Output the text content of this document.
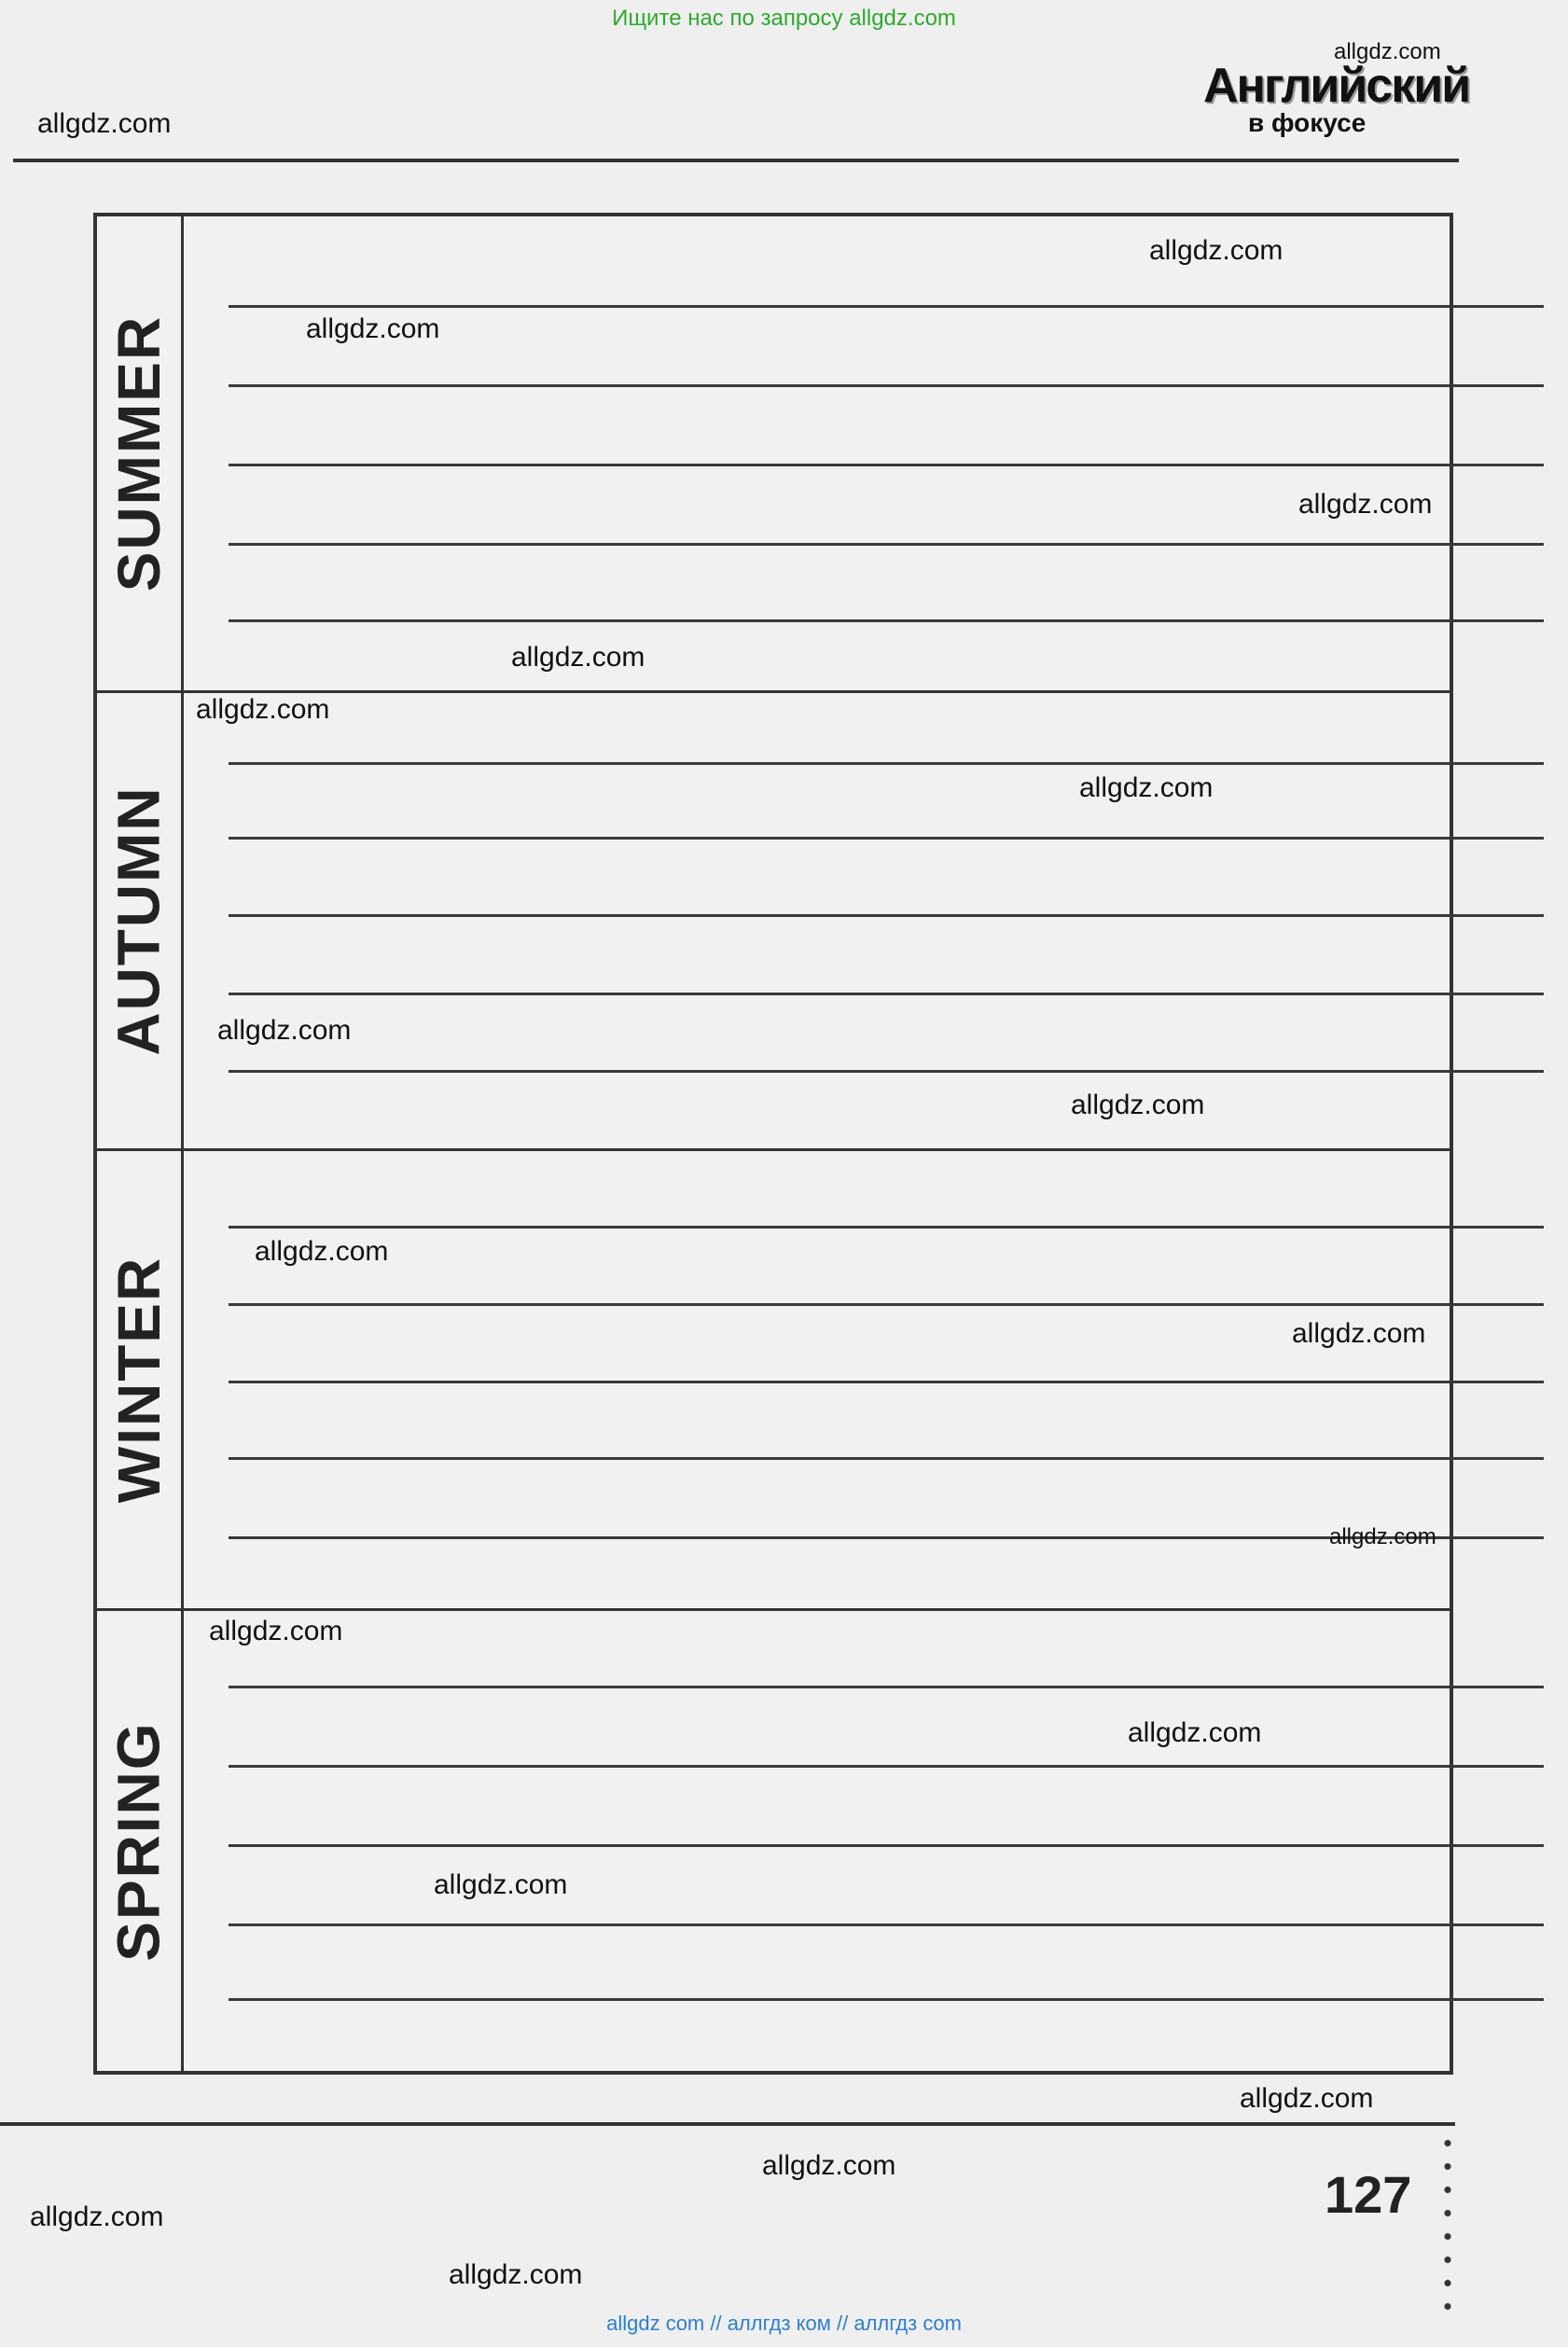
Ищите нас по запросу allgdz.com
Английский
в фокусе
SUMMER
AUTUMN
WINTER
SPRING
allgdz.com
allgdz.com
allgdz.com
allgdz.com
allgdz.com
allgdz.com
allgdz.com
allgdz.com
allgdz.com
allgdz.com
allgdz.com
allgdz.com
allgdz.com
allgdz.com
allgdz.com
allgdz.com
allgdz.com
allgdz.com
allgdz.com
allgdz.com
127
allgdz com // аллгдз ком // аллгдз com
